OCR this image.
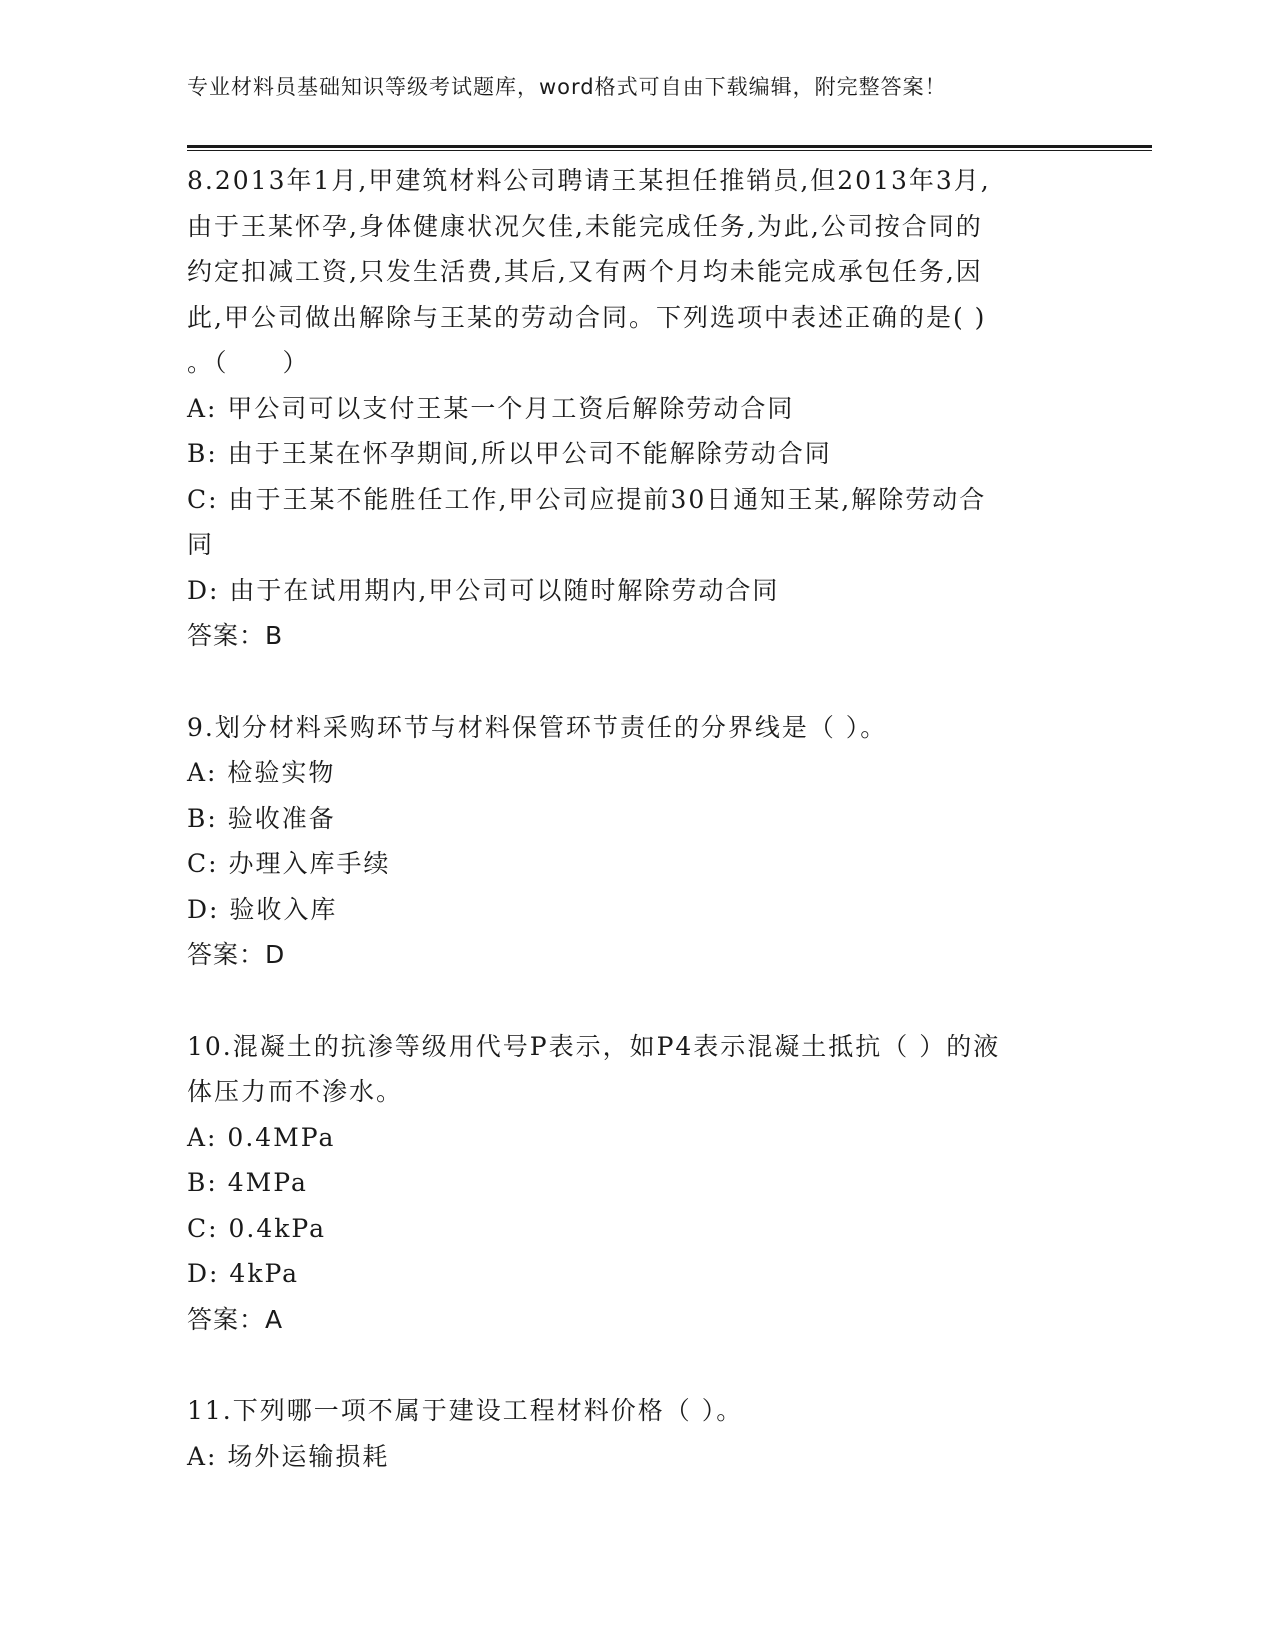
专业材料员基础知识等级考试题库，word格式可自由下载编辑，附完整答案！
8.2013年1月,甲建筑材料公司聘请王某担任推销员,但2013年3月,
由于王某怀孕,身体健康状况欠佳,未能完成任务,为此,公司按合同的
约定扣减工资,只发生活费,其后,又有两个月均未能完成承包任务,因
此,甲公司做出解除与王某的劳动合同。下列选项中表述正确的是( )
。（　　）
A: 甲公司可以支付王某一个月工资后解除劳动合同
B: 由于王某在怀孕期间,所以甲公司不能解除劳动合同
C: 由于王某不能胜任工作,甲公司应提前30日通知王某,解除劳动合
同
D: 由于在试用期内,甲公司可以随时解除劳动合同
答案：B
9.划分材料采购环节与材料保管环节责任的分界线是（ ）。
A: 检验实物
B: 验收准备
C: 办理入库手续
D: 验收入库
答案：D
10.混凝土的抗渗等级用代号P表示，如P4表示混凝土抵抗（ ）的液
体压力而不渗水。
A: 0.4MPa
B: 4MPa
C: 0.4kPa
D: 4kPa
答案：A
11.下列哪一项不属于建设工程材料价格（ ）。
A: 场外运输损耗
